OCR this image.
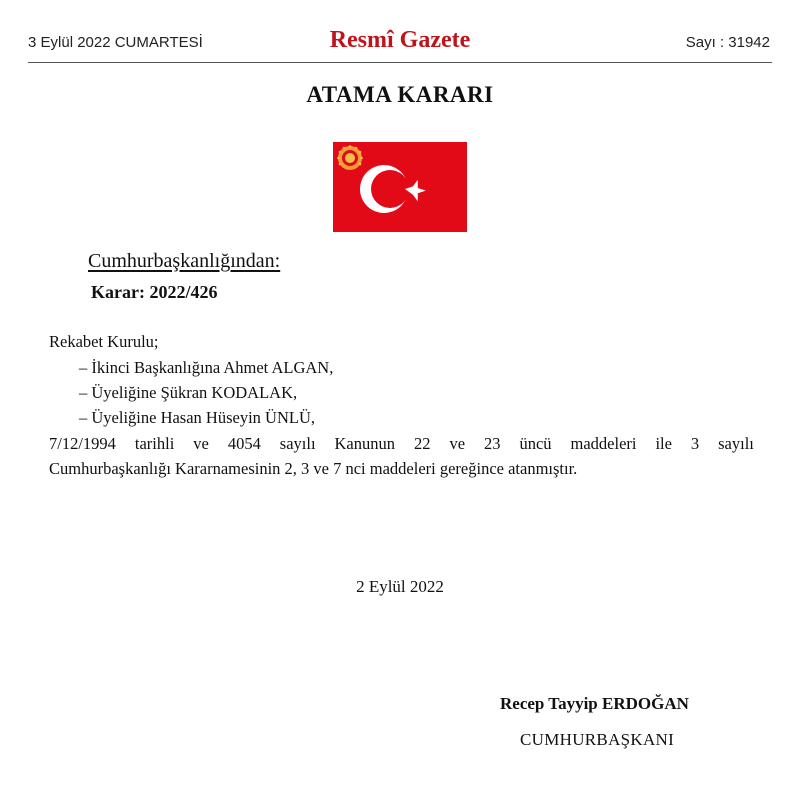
3 Eylül 2022 CUMARTESİ	Resmî Gazete	Sayı : 31942
ATAMA KARARI
Cumhurbaşkanlığından:
Karar: 2022/426
Rekabet Kurulu;
– İkinci Başkanlığına Ahmet ALGAN,
– Üyeliğine Şükran KODALAK,
– Üyeliğine Hasan Hüseyin ÜNLÜ,
7/12/1994 tarihli ve 4054 sayılı Kanunun 22 ve 23 üncü maddeleri ile 3 sayılı
Cumhurbaşkanlığı Kararnamesinin 2, 3 ve 7 nci maddeleri gereğince atanmıştır.
2 Eylül 2022
Recep Tayyip ERDOĞAN
CUMHURBAŞKANI
